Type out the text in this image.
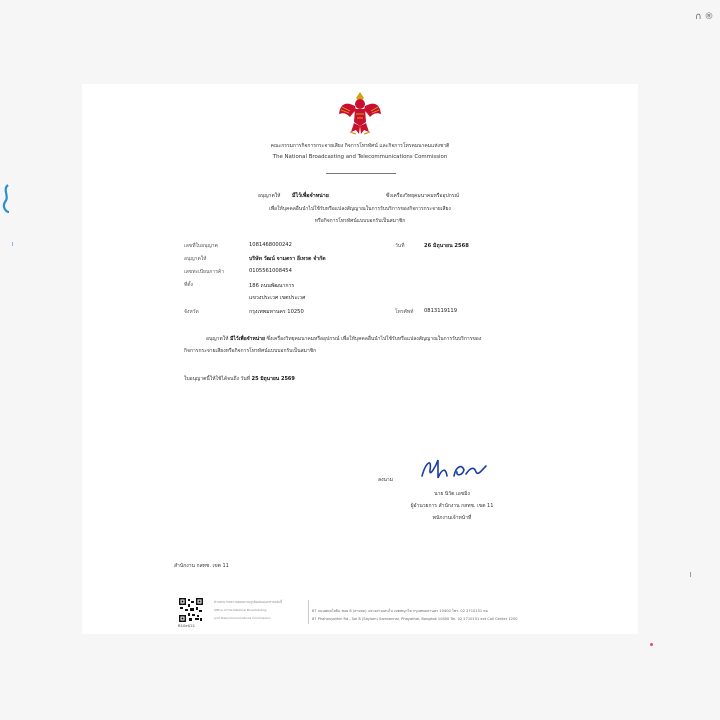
∩ ®
คณะกรรมการกิจการกระจายเสียง กิจการโทรทัศน์ และกิจการโทรคมนาคมแห่งชาติ
The National Broadcasting and Telecommunications Commission
อนุญาตให้ มีไว้เพื่อจำหน่าย	ซึ่งเครื่องวิทยุคมนาคมหรืออุปกรณ์
เพื่อให้บุคคลอื่นนำไปใช้รับหรือแปลงสัญญาณในการรับบริการของกิจการกระจายเสียง
หรือกิจการโทรทัศน์แบบบอกรับเป็นสมาชิก
เลขที่ใบอนุญาต	1081468000242	วันที่	26 มิถุนายน 2568
อนุญาตให้	บริษัท วัฒน์ จามตรา อีเทรด จำกัด
เลขทะเบียนการค้า	0105561008454
ที่ตั้ง	186 ถนนพัฒนาการ
แขวงประเวศ เขตประเวศ
จังหวัด	กรุงเทพมหานคร 10250	โทรศัพท์ 0813119119
อนุญาตให้ มีไว้เพื่อจำหน่าย ซึ่งเครื่องวิทยุคมนาคมหรืออุปกรณ์ เพื่อให้บุคคลอื่นนำไปใช้รับหรือแปลงสัญญาณในการรับบริการของ
กิจการกระจายเสียงหรือกิจการโทรทัศน์แบบบอกรับเป็นสมาชิก
ใบอนุญาตนี้ให้ใช้ได้จนถึง วันที่ 25 มิถุนายน 2569
ลงนาม
นาย นิวัต เอชมิ่ง
ผู้อำนวยการ สำนักงาน กสทช. เขต 11
พนักงานเจ้าหน้าที่
สำนักงาน กสทช. เขต 11
B10e021
ท่านสามารถตรวจสอบความถูกต้องของเอกสารฉบับนี้
Office of the National Broadcasting
and Telecommunications Commission
87 ถนนพหลโยธิน ซอย 8 (สายลม) แขวงสามเสนใน เขตพญาไท กรุงเทพมหานคร 10400 โทร. 02 2710151 ต่อ
87 Phahonyothin Rd., Soi 8 (Saylom) Samsennai, Phayathai, Bangkok 10400 Tel. 02 2710151 ext Call Center 1200
